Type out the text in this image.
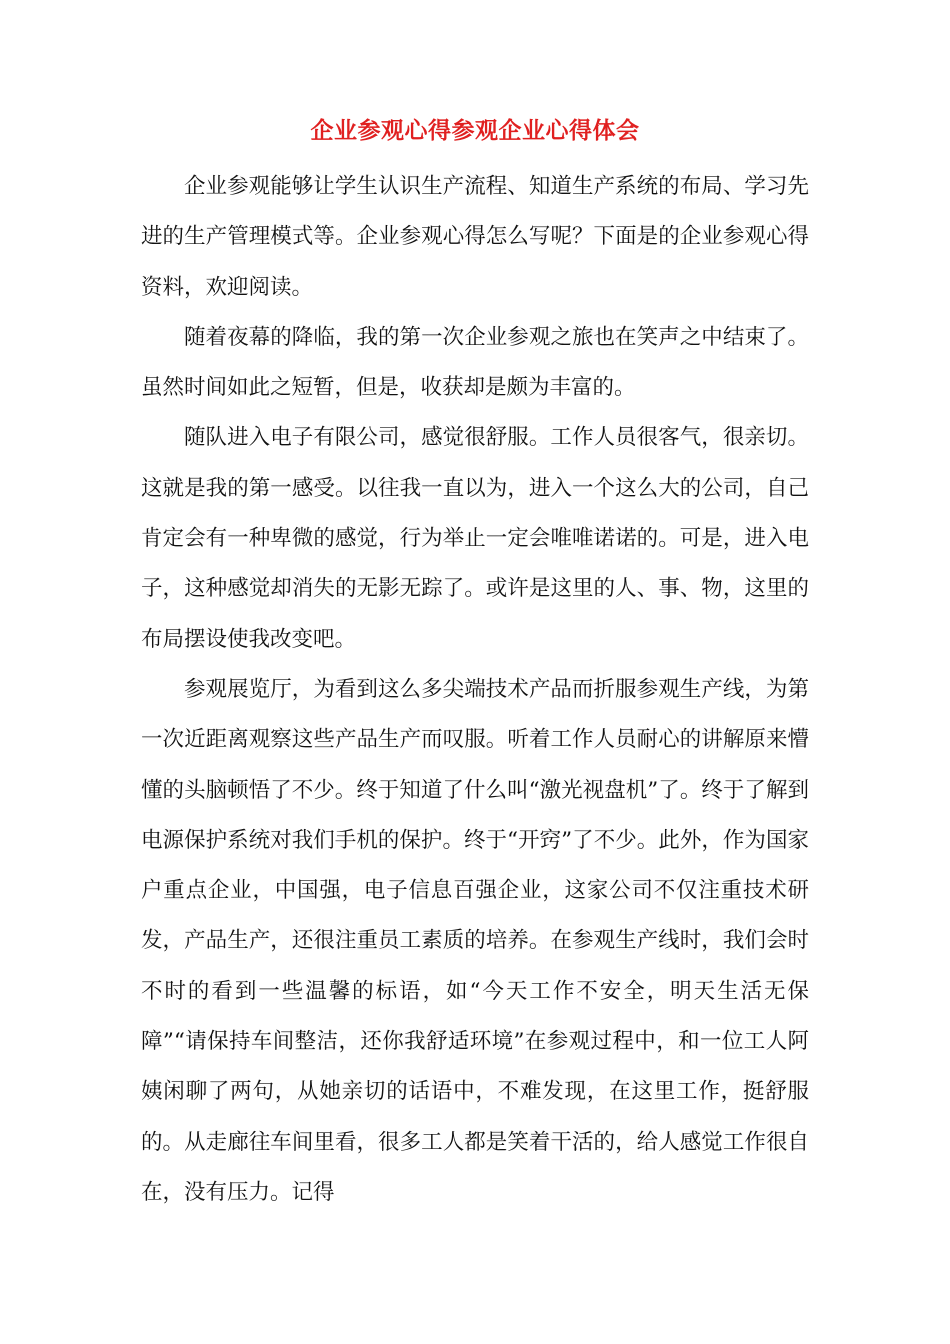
企业参观心得参观企业心得体会

企业参观能够让学生认识生产流程、知道生产系统的布局、学习先进的生产管理模式等。企业参观心得怎么写呢？下面是的企业参观心得资料，欢迎阅读。

随着夜幕的降临，我的第一次企业参观之旅也在笑声之中结束了。虽然时间如此之短暂，但是，收获却是颇为丰富的。

随队进入电子有限公司，感觉很舒服。工作人员很客气，很亲切。这就是我的第一感受。以往我一直以为，进入一个这么大的公司，自己肯定会有一种卑微的感觉，行为举止一定会唯唯诺诺的。可是，进入电子，这种感觉却消失的无影无踪了。或许是这里的人、事、物，这里的布局摆设使我改变吧。

参观展览厅，为看到这么多尖端技术产品而折服参观生产线，为第一次近距离观察这些产品生产而叹服。听着工作人员耐心的讲解原来懵懂的头脑顿悟了不少。终于知道了什么叫“激光视盘机”了。终于了解到电源保护系统对我们手机的保护。终于“开窍”了不少。此外，作为国家户重点企业，中国强，电子信息百强企业，这家公司不仅注重技术研发，产品生产，还很注重员工素质的培养。在参观生产线时，我们会时不时的看到一些温馨的标语，如“今天工作不安全，明天生活无保障”“请保持车间整洁，还你我舒适环境”在参观过程中，和一位工人阿姨闲聊了两句，从她亲切的话语中，不难发现，在这里工作，挺舒服的。从走廊往车间里看，很多工人都是笑着干活的，给人感觉工作很自在，没有压力。记得
